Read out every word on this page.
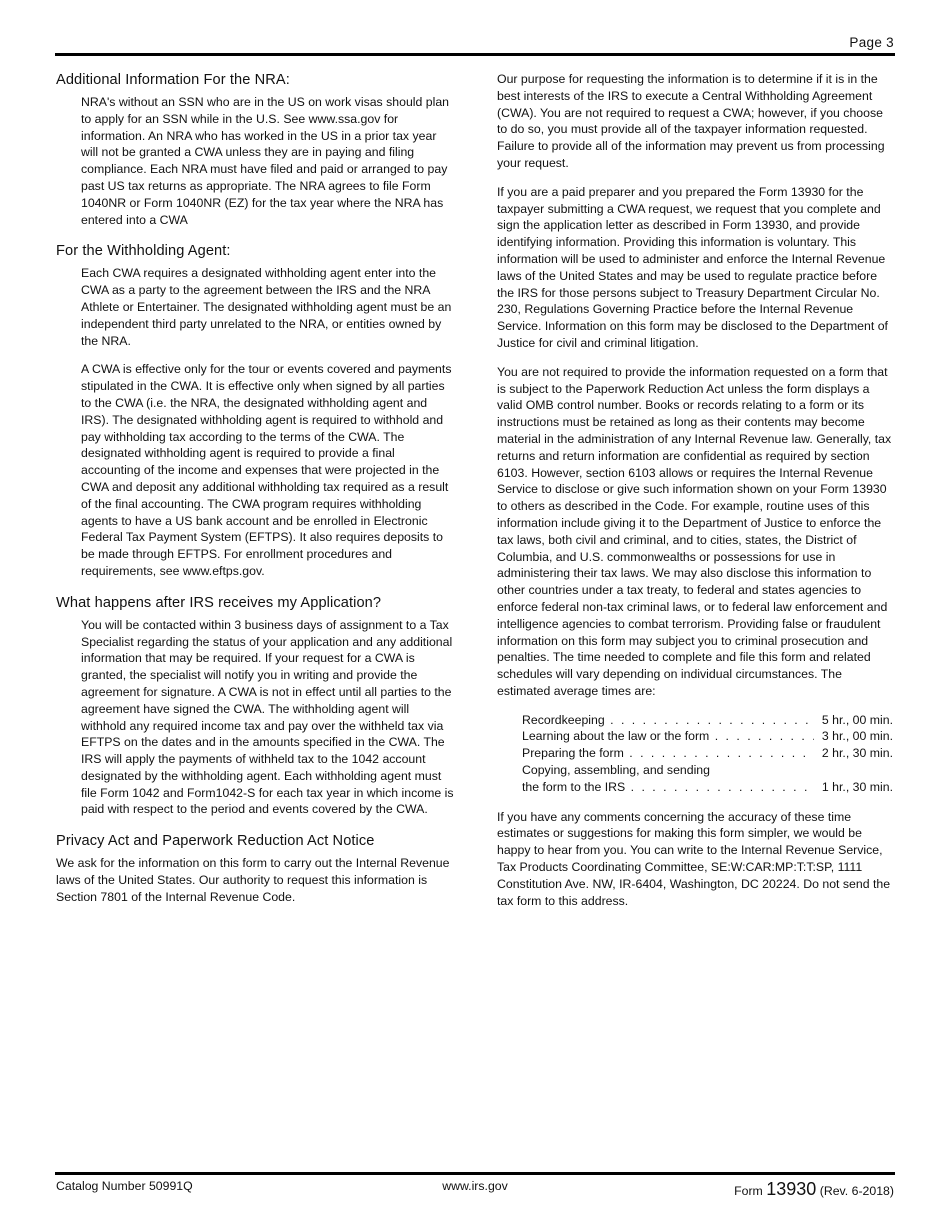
Page 3
Additional Information For the NRA:

NRA's without an SSN who are in the US on work visas should plan to apply for an SSN while in the U.S. See www.ssa.gov for information. An NRA who has worked in the US in a prior tax year will not be granted a CWA unless they are in paying and filing compliance. Each NRA must have filed and paid or arranged to pay past US tax returns as appropriate. The NRA agrees to file Form 1040NR or Form 1040NR (EZ) for the tax year where the NRA has entered into a CWA

For the Withholding Agent:

Each CWA requires a designated withholding agent enter into the CWA as a party to the agreement between the IRS and the NRA Athlete or Entertainer. The designated withholding agent must be an independent third party unrelated to the NRA, or entities owned by the NRA.

A CWA is effective only for the tour or events covered and payments stipulated in the CWA. It is effective only when signed by all parties to the CWA (i.e. the NRA, the designated withholding agent and IRS). The designated withholding agent is required to withhold and pay withholding tax according to the terms of the CWA. The designated withholding agent is required to provide a final accounting of the income and expenses that were projected in the CWA and deposit any additional withholding tax required as a result of the final accounting. The CWA program requires withholding agents to have a US bank account and be enrolled in Electronic Federal Tax Payment System (EFTPS). It also requires deposits to be made through EFTPS. For enrollment procedures and requirements, see www.eftps.gov.

What happens after IRS receives my Application?

You will be contacted within 3 business days of assignment to a Tax Specialist regarding the status of your application and any additional information that may be required. If your request for a CWA is granted, the specialist will notify you in writing and provide the agreement for signature. A CWA is not in effect until all parties to the agreement have signed the CWA. The withholding agent will withhold any required income tax and pay over the withheld tax via EFTPS on the dates and in the amounts specified in the CWA. The IRS will apply the payments of withheld tax to the 1042 account designated by the withholding agent. Each withholding agent must file Form 1042 and Form1042-S for each tax year in which income is paid with respect to the period and events covered by the CWA.

Privacy Act and Paperwork Reduction Act Notice

We ask for the information on this form to carry out the Internal Revenue laws of the United States. Our authority to request this information is Section 7801 of the Internal Revenue Code.

Our purpose for requesting the information is to determine if it is in the best interests of the IRS to execute a Central Withholding Agreement (CWA). You are not required to request a CWA; however, if you choose to do so, you must provide all of the taxpayer information requested. Failure to provide all of the information may prevent us from processing your request.

If you are a paid preparer and you prepared the Form 13930 for the taxpayer submitting a CWA request, we request that you complete and sign the application letter as described in Form 13930, and provide identifying information. Providing this information is voluntary. This information will be used to administer and enforce the Internal Revenue laws of the United States and may be used to regulate practice before the IRS for those persons subject to Treasury Department Circular No. 230, Regulations Governing Practice before the Internal Revenue Service. Information on this form may be disclosed to the Department of Justice for civil and criminal litigation.

You are not required to provide the information requested on a form that is subject to the Paperwork Reduction Act unless the form displays a valid OMB control number. Books or records relating to a form or its instructions must be retained as long as their contents may become material in the administration of any Internal Revenue law. Generally, tax returns and return information are confidential as required by section 6103. However, section 6103 allows or requires the Internal Revenue Service to disclose or give such information shown on your Form 13930 to others as described in the Code. For example, routine uses of this information include giving it to the Department of Justice to enforce the tax laws, both civil and criminal, and to cities, states, the District of Columbia, and U.S. commonwealths or possessions for use in administering their tax laws. We may also disclose this information to other countries under a tax treaty, to federal and states agencies to enforce federal non-tax criminal laws, or to federal law enforcement and intelligence agencies to combat terrorism. Providing false or fraudulent information on this form may subject you to criminal prosecution and penalties. The time needed to complete and file this form and related schedules will vary depending on individual circumstances. The estimated average times are:

Recordkeeping . . .	5 hr., 00 min.
Learning about the law or the form . . .	3 hr., 00 min.
Preparing the form . . .	2 hr., 30 min.
Copying, assembling, and sending
the form to the IRS . . .	1 hr., 30 min.

If you have any comments concerning the accuracy of these time estimates or suggestions for making this form simpler, we would be happy to hear from you. You can write to the Internal Revenue Service, Tax Products Coordinating Committee, SE:W:CAR:MP:T:T:SP, 1111 Constitution Ave. NW, IR-6404, Washington, DC 20224. Do not send the tax form to this address.

Catalog Number 50991Q	www.irs.gov	Form 13930 (Rev. 6-2018)
